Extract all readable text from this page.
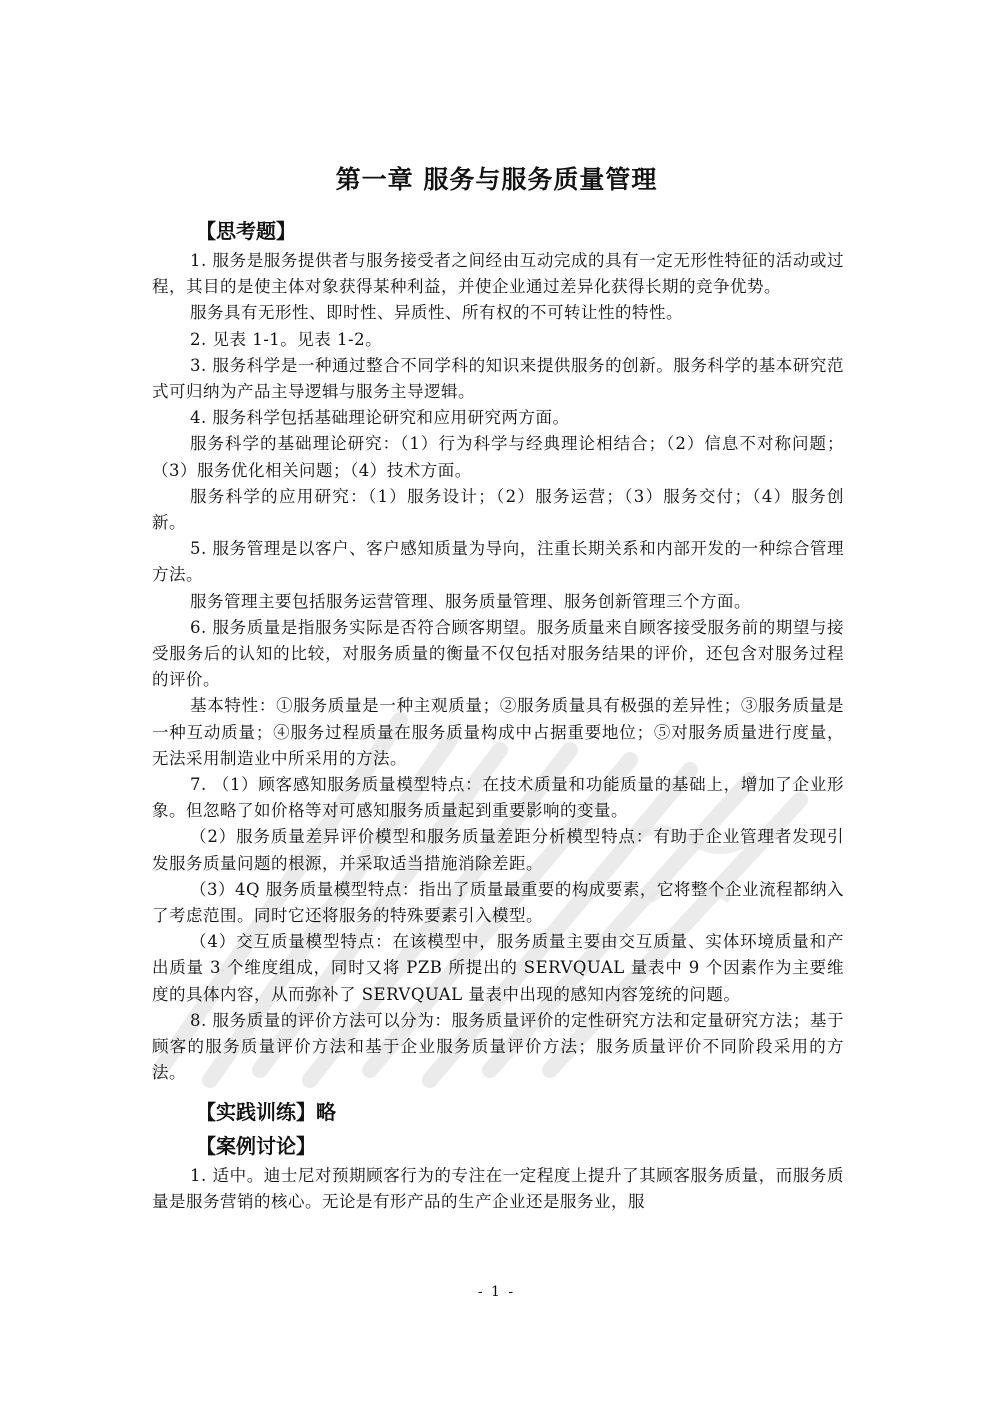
第一章 服务与服务质量管理
【思考题】

1. 服务是服务提供者与服务接受者之间经由互动完成的具有一定无形性特征的活动或过程，其目的是使主体对象获得某种利益，并使企业通过差异化获得长期的竞争优势。

服务具有无形性、即时性、异质性、所有权的不可转让性的特性。

2. 见表 1-1。见表 1-2。

3. 服务科学是一种通过整合不同学科的知识来提供服务的创新。服务科学的基本研究范式可归纳为产品主导逻辑与服务主导逻辑。

4. 服务科学包括基础理论研究和应用研究两方面。

服务科学的基础理论研究：（1）行为科学与经典理论相结合；（2）信息不对称问题；（3）服务优化相关问题；（4）技术方面。

服务科学的应用研究：（1）服务设计；（2）服务运营；（3）服务交付；（4）服务创新。

5. 服务管理是以客户、客户感知质量为导向，注重长期关系和内部开发的一种综合管理方法。

服务管理主要包括服务运营管理、服务质量管理、服务创新管理三个方面。

6. 服务质量是指服务实际是否符合顾客期望。服务质量来自顾客接受服务前的期望与接受服务后的认知的比较，对服务质量的衡量不仅包括对服务结果的评价，还包含对服务过程的评价。

基本特性：①服务质量是一种主观质量；②服务质量具有极强的差异性；③服务质量是一种互动质量；④服务过程质量在服务质量构成中占据重要地位；⑤对服务质量进行度量，无法采用制造业中所采用的方法。

7. （1）顾客感知服务质量模型特点：在技术质量和功能质量的基础上，增加了企业形象。但忽略了如价格等对可感知服务质量起到重要影响的变量。

（2）服务质量差异评价模型和服务质量差距分析模型特点：有助于企业管理者发现引发服务质量问题的根源，并采取适当措施消除差距。

（3）4Q 服务质量模型特点：指出了质量最重要的构成要素，它将整个企业流程都纳入了考虑范围。同时它还将服务的特殊要素引入模型。

（4）交互质量模型特点：在该模型中，服务质量主要由交互质量、实体环境质量和产出质量 3 个维度组成，同时又将 PZB 所提出的 SERVQUAL 量表中 9 个因素作为主要维度的具体内容，从而弥补了 SERVQUAL 量表中出现的感知内容笼统的问题。

8. 服务质量的评价方法可以分为：服务质量评价的定性研究方法和定量研究方法；基于顾客的服务质量评价方法和基于企业服务质量评价方法；服务质量评价不同阶段采用的方法。

【实践训练】略
【案例讨论】

1. 适中。迪士尼对预期顾客行为的专注在一定程度上提升了其顾客服务质量，而服务质量是服务营销的核心。无论是有形产品的生产企业还是服务业，服

- 1 -
